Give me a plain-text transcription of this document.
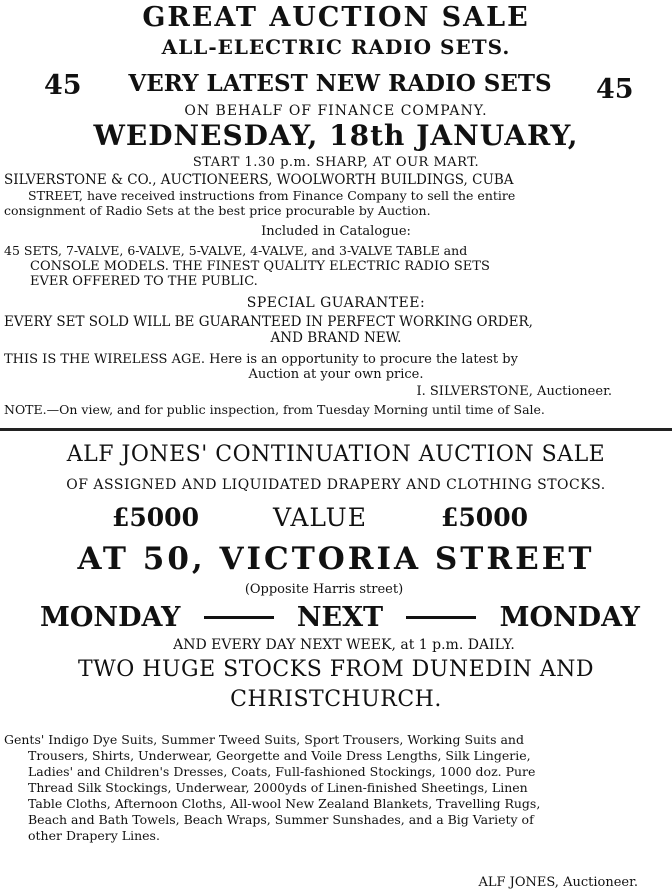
GREAT AUCTION SALE
ALL-ELECTRIC RADIO SETS.
45	VERY LATEST NEW RADIO SETS	45
ON BEHALF OF FINANCE COMPANY.
WEDNESDAY, 18th JANUARY,
START 1.30 p.m. SHARP, AT OUR MART.
SILVERSTONE & CO., AUCTIONEERS, WOOLWORTH BUILDINGS, CUBA
STREET, have received instructions from Finance Company to sell the entire
consignment of Radio Sets at the best price procurable by Auction.
Included in Catalogue:
45 SETS, 7-VALVE, 6-VALVE, 5-VALVE, 4-VALVE, and 3-VALVE TABLE and
CONSOLE MODELS. THE FINEST QUALITY ELECTRIC RADIO SETS
EVER OFFERED TO THE PUBLIC.
SPECIAL GUARANTEE:
EVERY SET SOLD WILL BE GUARANTEED IN PERFECT WORKING ORDER,
AND BRAND NEW.
THIS IS THE WIRELESS AGE. Here is an opportunity to procure the latest by
Auction at your own price.
I. SILVERSTONE, Auctioneer.
NOTE.—On view, and for public inspection, from Tuesday Morning until time of Sale.
ALF JONES' CONTINUATION AUCTION SALE
OF ASSIGNED AND LIQUIDATED DRAPERY AND CLOTHING STOCKS.
£5000	VALUE	£5000
AT 50, VICTORIA STREET
(Opposite Harris street)
MONDAY	NEXT	MONDAY
AND EVERY DAY NEXT WEEK, at 1 p.m. DAILY.
TWO HUGE STOCKS FROM DUNEDIN AND
CHRISTCHURCH.
Gents' Indigo Dye Suits, Summer Tweed Suits, Sport Trousers, Working Suits and
Trousers, Shirts, Underwear, Georgette and Voile Dress Lengths, Silk Lingerie,
Ladies' and Children's Dresses, Coats, Full-fashioned Stockings, 1000 doz. Pure
Thread Silk Stockings, Underwear, 2000yds of Linen-finished Sheetings, Linen
Table Cloths, Afternoon Cloths, All-wool New Zealand Blankets, Travelling Rugs,
Beach and Bath Towels, Beach Wraps, Summer Sunshades, and a Big Variety of
other Drapery Lines.
ALF JONES, Auctioneer.
